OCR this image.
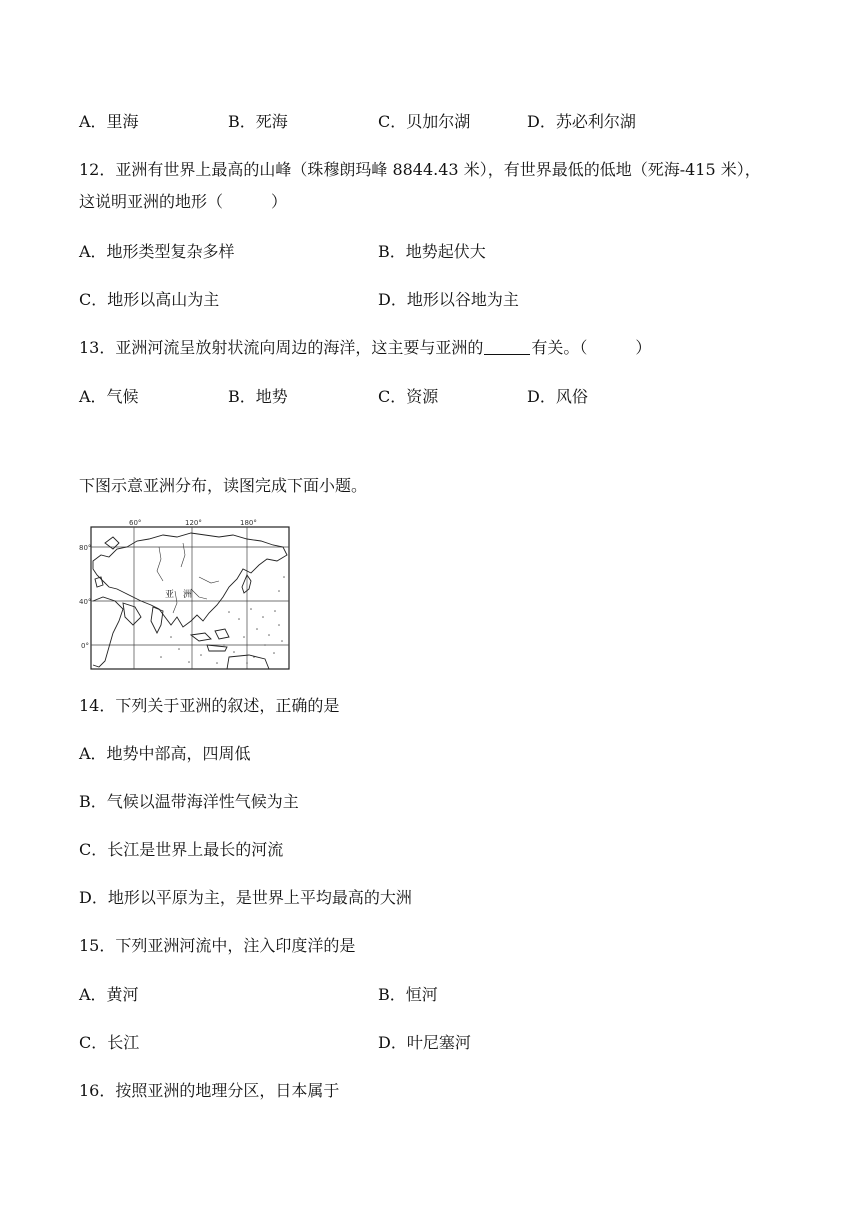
A．里海	B．死海	C．贝加尔湖	D．苏必利尔湖
12．亚洲有世界上最高的山峰（珠穆朗玛峰 8844.43 米），有世界最低的低地（死海-415 米），
这说明亚洲的地形（　　　）
A．地形类型复杂多样	B．地势起伏大
C．地形以高山为主	D．地形以谷地为主
13．亚洲河流呈放射状流向周边的海洋，这主要与亚洲的	有关。（　　　）
A．气候	B．地势	C．资源	D．风俗
下图示意亚洲分布，读图完成下面小题。
60°	120°	180°
80°
40°
0°
亚　洲
14．下列关于亚洲的叙述，正确的是
A．地势中部高，四周低
B．气候以温带海洋性气候为主
C．长江是世界上最长的河流
D．地形以平原为主，是世界上平均最高的大洲
15．下列亚洲河流中，注入印度洋的是
A．黄河	B．恒河
C．长江	D．叶尼塞河
16．按照亚洲的地理分区，日本属于
